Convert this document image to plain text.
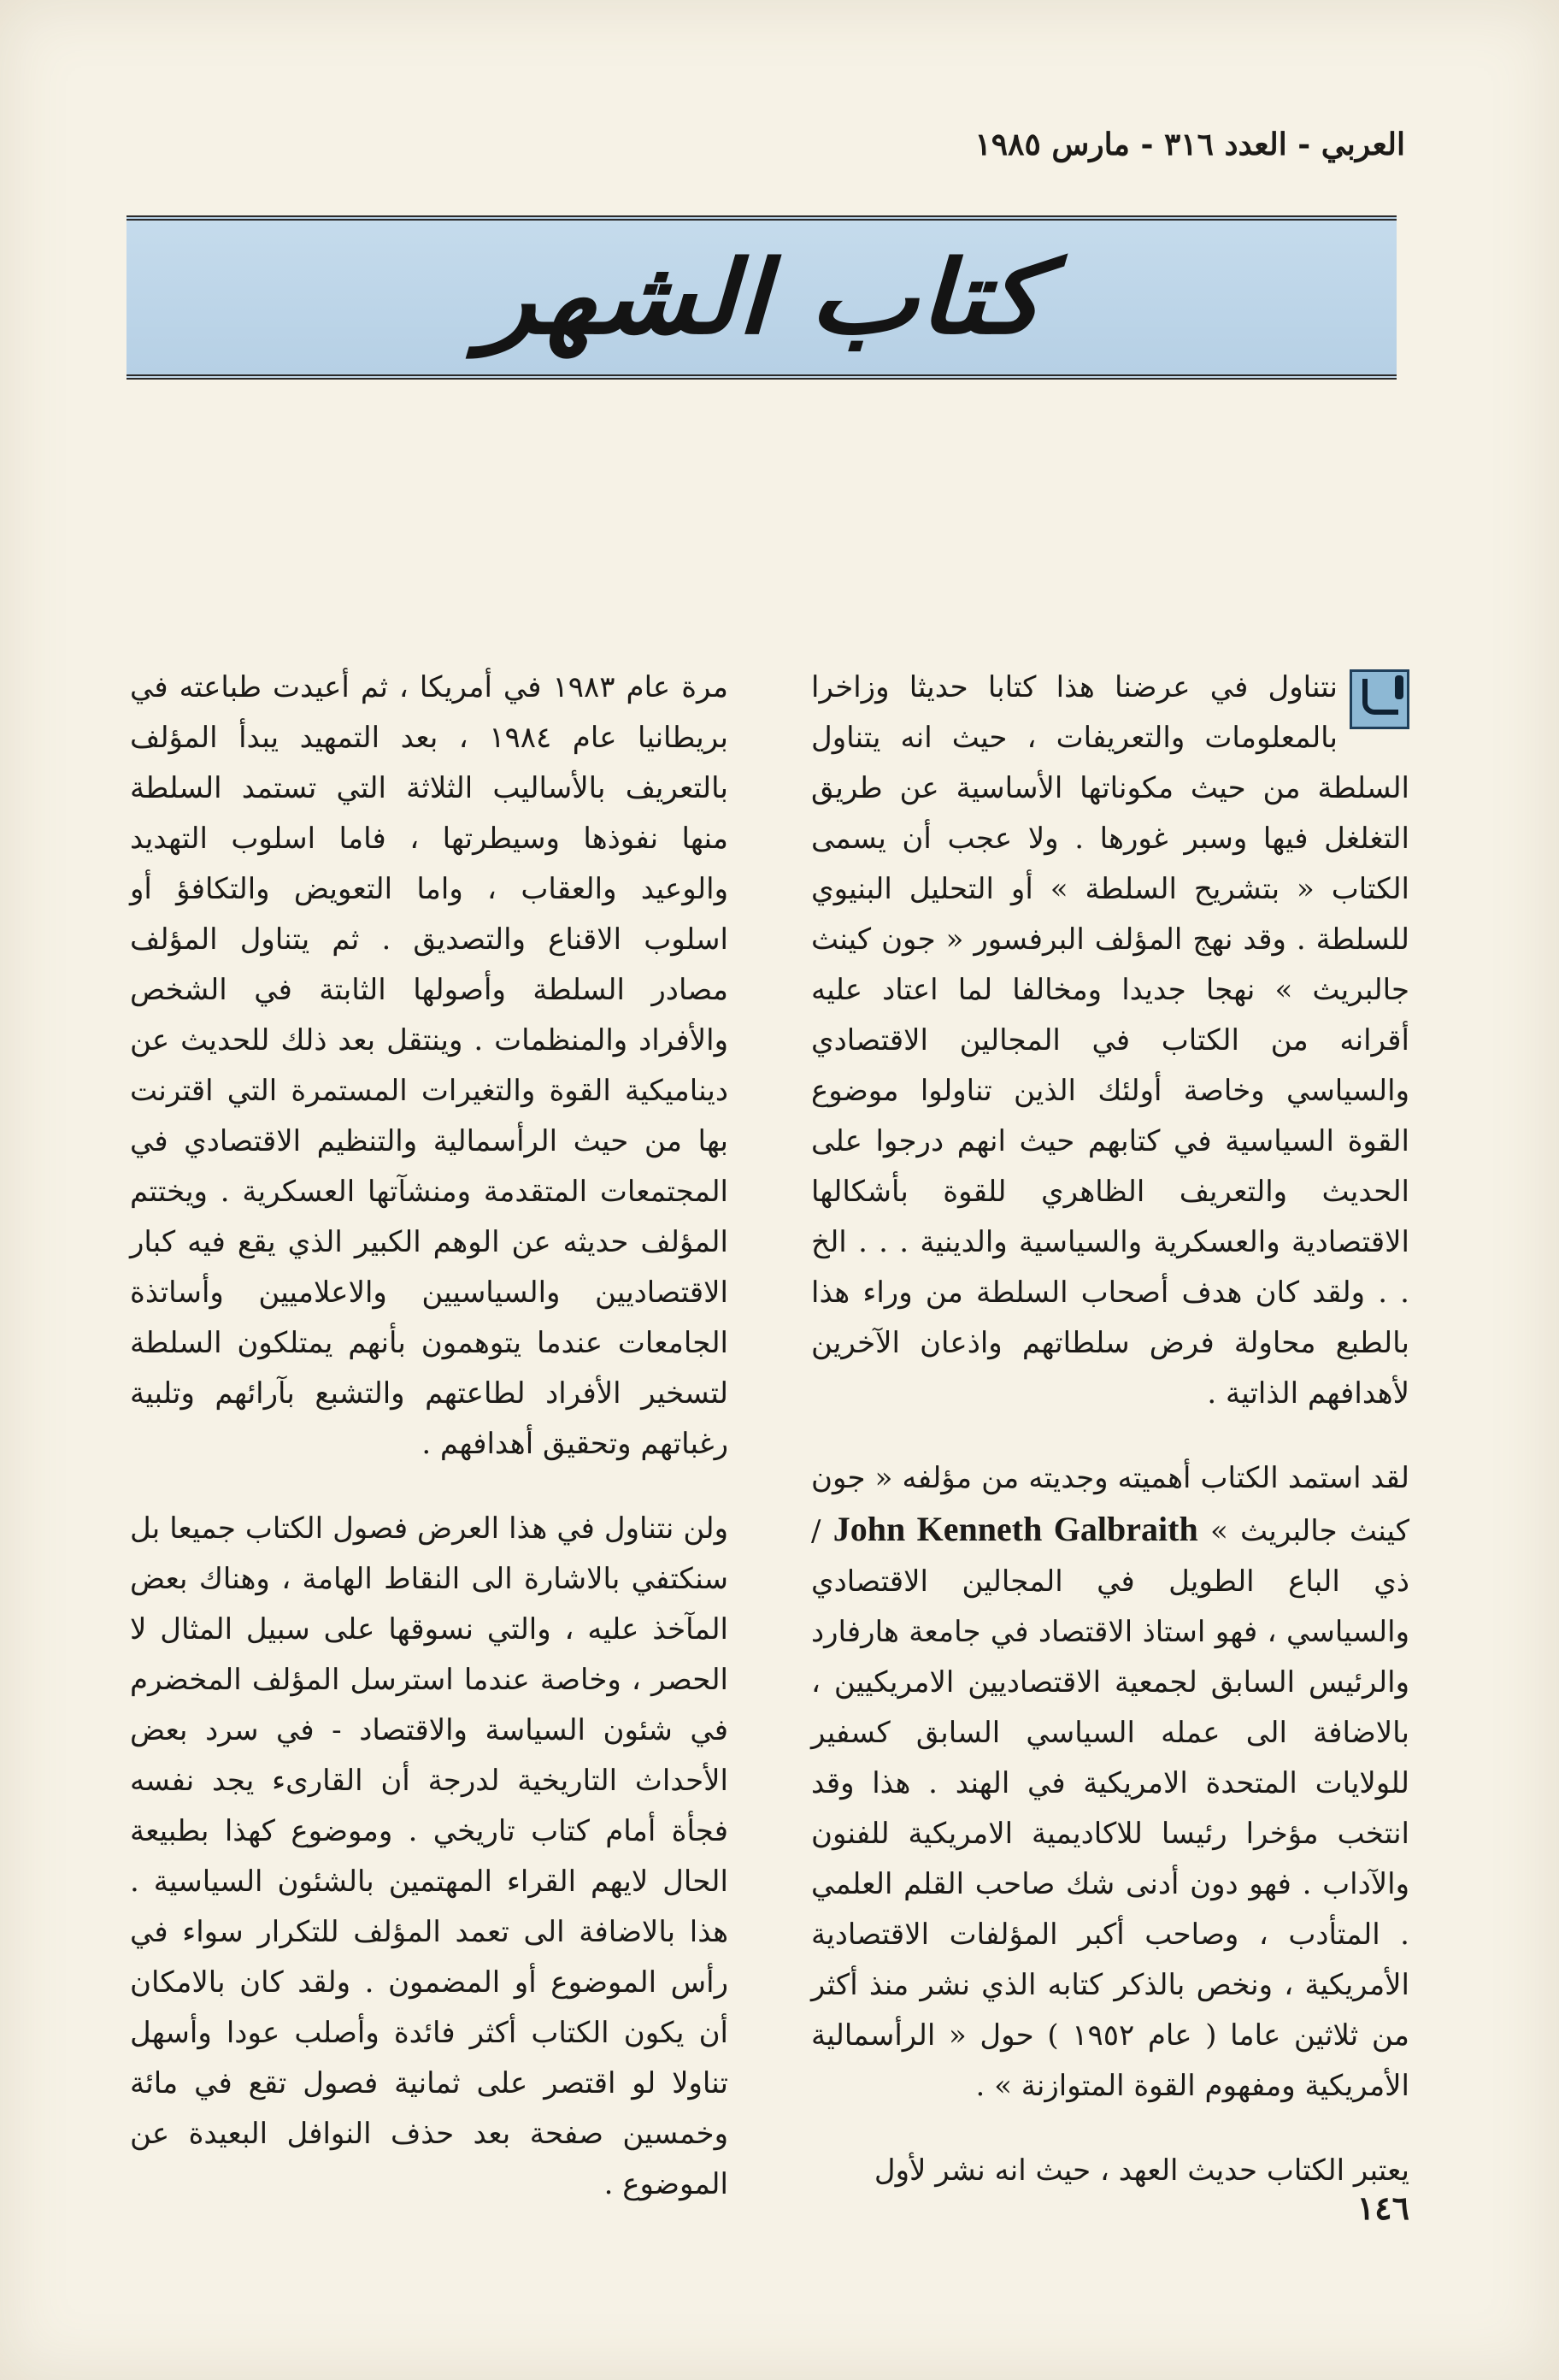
العربي - العدد ٣١٦ - مارس ١٩٨٥
كتاب الشهر

نتناول في عرضنا هذا كتابا حديثا وزاخرا بالمعلومات والتعريفات ، حيث انه يتناول السلطة من حيث مكوناتها الأساسية عن طريق التغلغل فيها وسبر غورها . ولا عجب أن يسمى الكتاب « بتشريح السلطة » أو التحليل البنيوي للسلطة . وقد نهج المؤلف البرفسور « جون كينث جالبريث » نهجا جديدا ومخالفا لما اعتاد عليه أقرانه من الكتاب في المجالين الاقتصادي والسياسي وخاصة أولئك الذين تناولوا موضوع القوة السياسية في كتابهم حيث انهم درجوا على الحديث والتعريف الظاهري للقوة بأشكالها الاقتصادية والعسكرية والسياسية والدينية . . . الخ . . ولقد كان هدف أصحاب السلطة من وراء هذا بالطبع محاولة فرض سلطاتهم واذعان الآخرين لأهدافهم الذاتية .

لقد استمد الكتاب أهميته وجديته من مؤلفه « جون كينث جالبريث » John Kenneth Galbraith / ذي الباع الطويل في المجالين الاقتصادي والسياسي ، فهو استاذ الاقتصاد في جامعة هارفارد والرئيس السابق لجمعية الاقتصاديين الامريكيين ، بالاضافة الى عمله السياسي السابق كسفير للولايات المتحدة الامريكية في الهند . هذا وقد انتخب مؤخرا رئيسا للاكاديمية الامريكية للفنون والآداب . فهو دون أدنى شك صاحب القلم العلمي . المتأدب ، وصاحب أكبر المؤلفات الاقتصادية الأمريكية ، ونخص بالذكر كتابه الذي نشر منذ أكثر من ثلاثين عاما ( عام ١٩٥٢ ) حول « الرأسمالية الأمريكية ومفهوم القوة المتوازنة » .

يعتبر الكتاب حديث العهد ، حيث انه نشر لأول

مرة عام ١٩٨٣ في أمريكا ، ثم أعيدت طباعته في بريطانيا عام ١٩٨٤ ، بعد التمهيد يبدأ المؤلف بالتعريف بالأساليب الثلاثة التي تستمد السلطة منها نفوذها وسيطرتها ، فاما اسلوب التهديد والوعيد والعقاب ، واما التعويض والتكافؤ أو اسلوب الاقناع والتصديق . ثم يتناول المؤلف مصادر السلطة وأصولها الثابتة في الشخص والأفراد والمنظمات . وينتقل بعد ذلك للحديث عن ديناميكية القوة والتغيرات المستمرة التي اقترنت بها من حيث الرأسمالية والتنظيم الاقتصادي في المجتمعات المتقدمة ومنشآتها العسكرية . ويختتم المؤلف حديثه عن الوهم الكبير الذي يقع فيه كبار الاقتصاديين والسياسيين والاعلاميين وأساتذة الجامعات عندما يتوهمون بأنهم يمتلكون السلطة لتسخير الأفراد لطاعتهم والتشبع بآرائهم وتلبية رغباتهم وتحقيق أهدافهم .

ولن نتناول في هذا العرض فصول الكتاب جميعا بل سنكتفي بالاشارة الى النقاط الهامة ، وهناك بعض المآخذ عليه ، والتي نسوقها على سبيل المثال لا الحصر ، وخاصة عندما استرسل المؤلف المخضرم في شئون السياسة والاقتصاد - في سرد بعض الأحداث التاريخية لدرجة أن القارىء يجد نفسه فجأة أمام كتاب تاريخي . وموضوع كهذا بطبيعة الحال لايهم القراء المهتمين بالشئون السياسية . هذا بالاضافة الى تعمد المؤلف للتكرار سواء في رأس الموضوع أو المضمون . ولقد كان بالامكان أن يكون الكتاب أكثر فائدة وأصلب عودا وأسهل تناولا لو اقتصر على ثمانية فصول تقع في مائة وخمسين صفحة بعد حذف النوافل البعيدة عن الموضوع .

١٤٦
